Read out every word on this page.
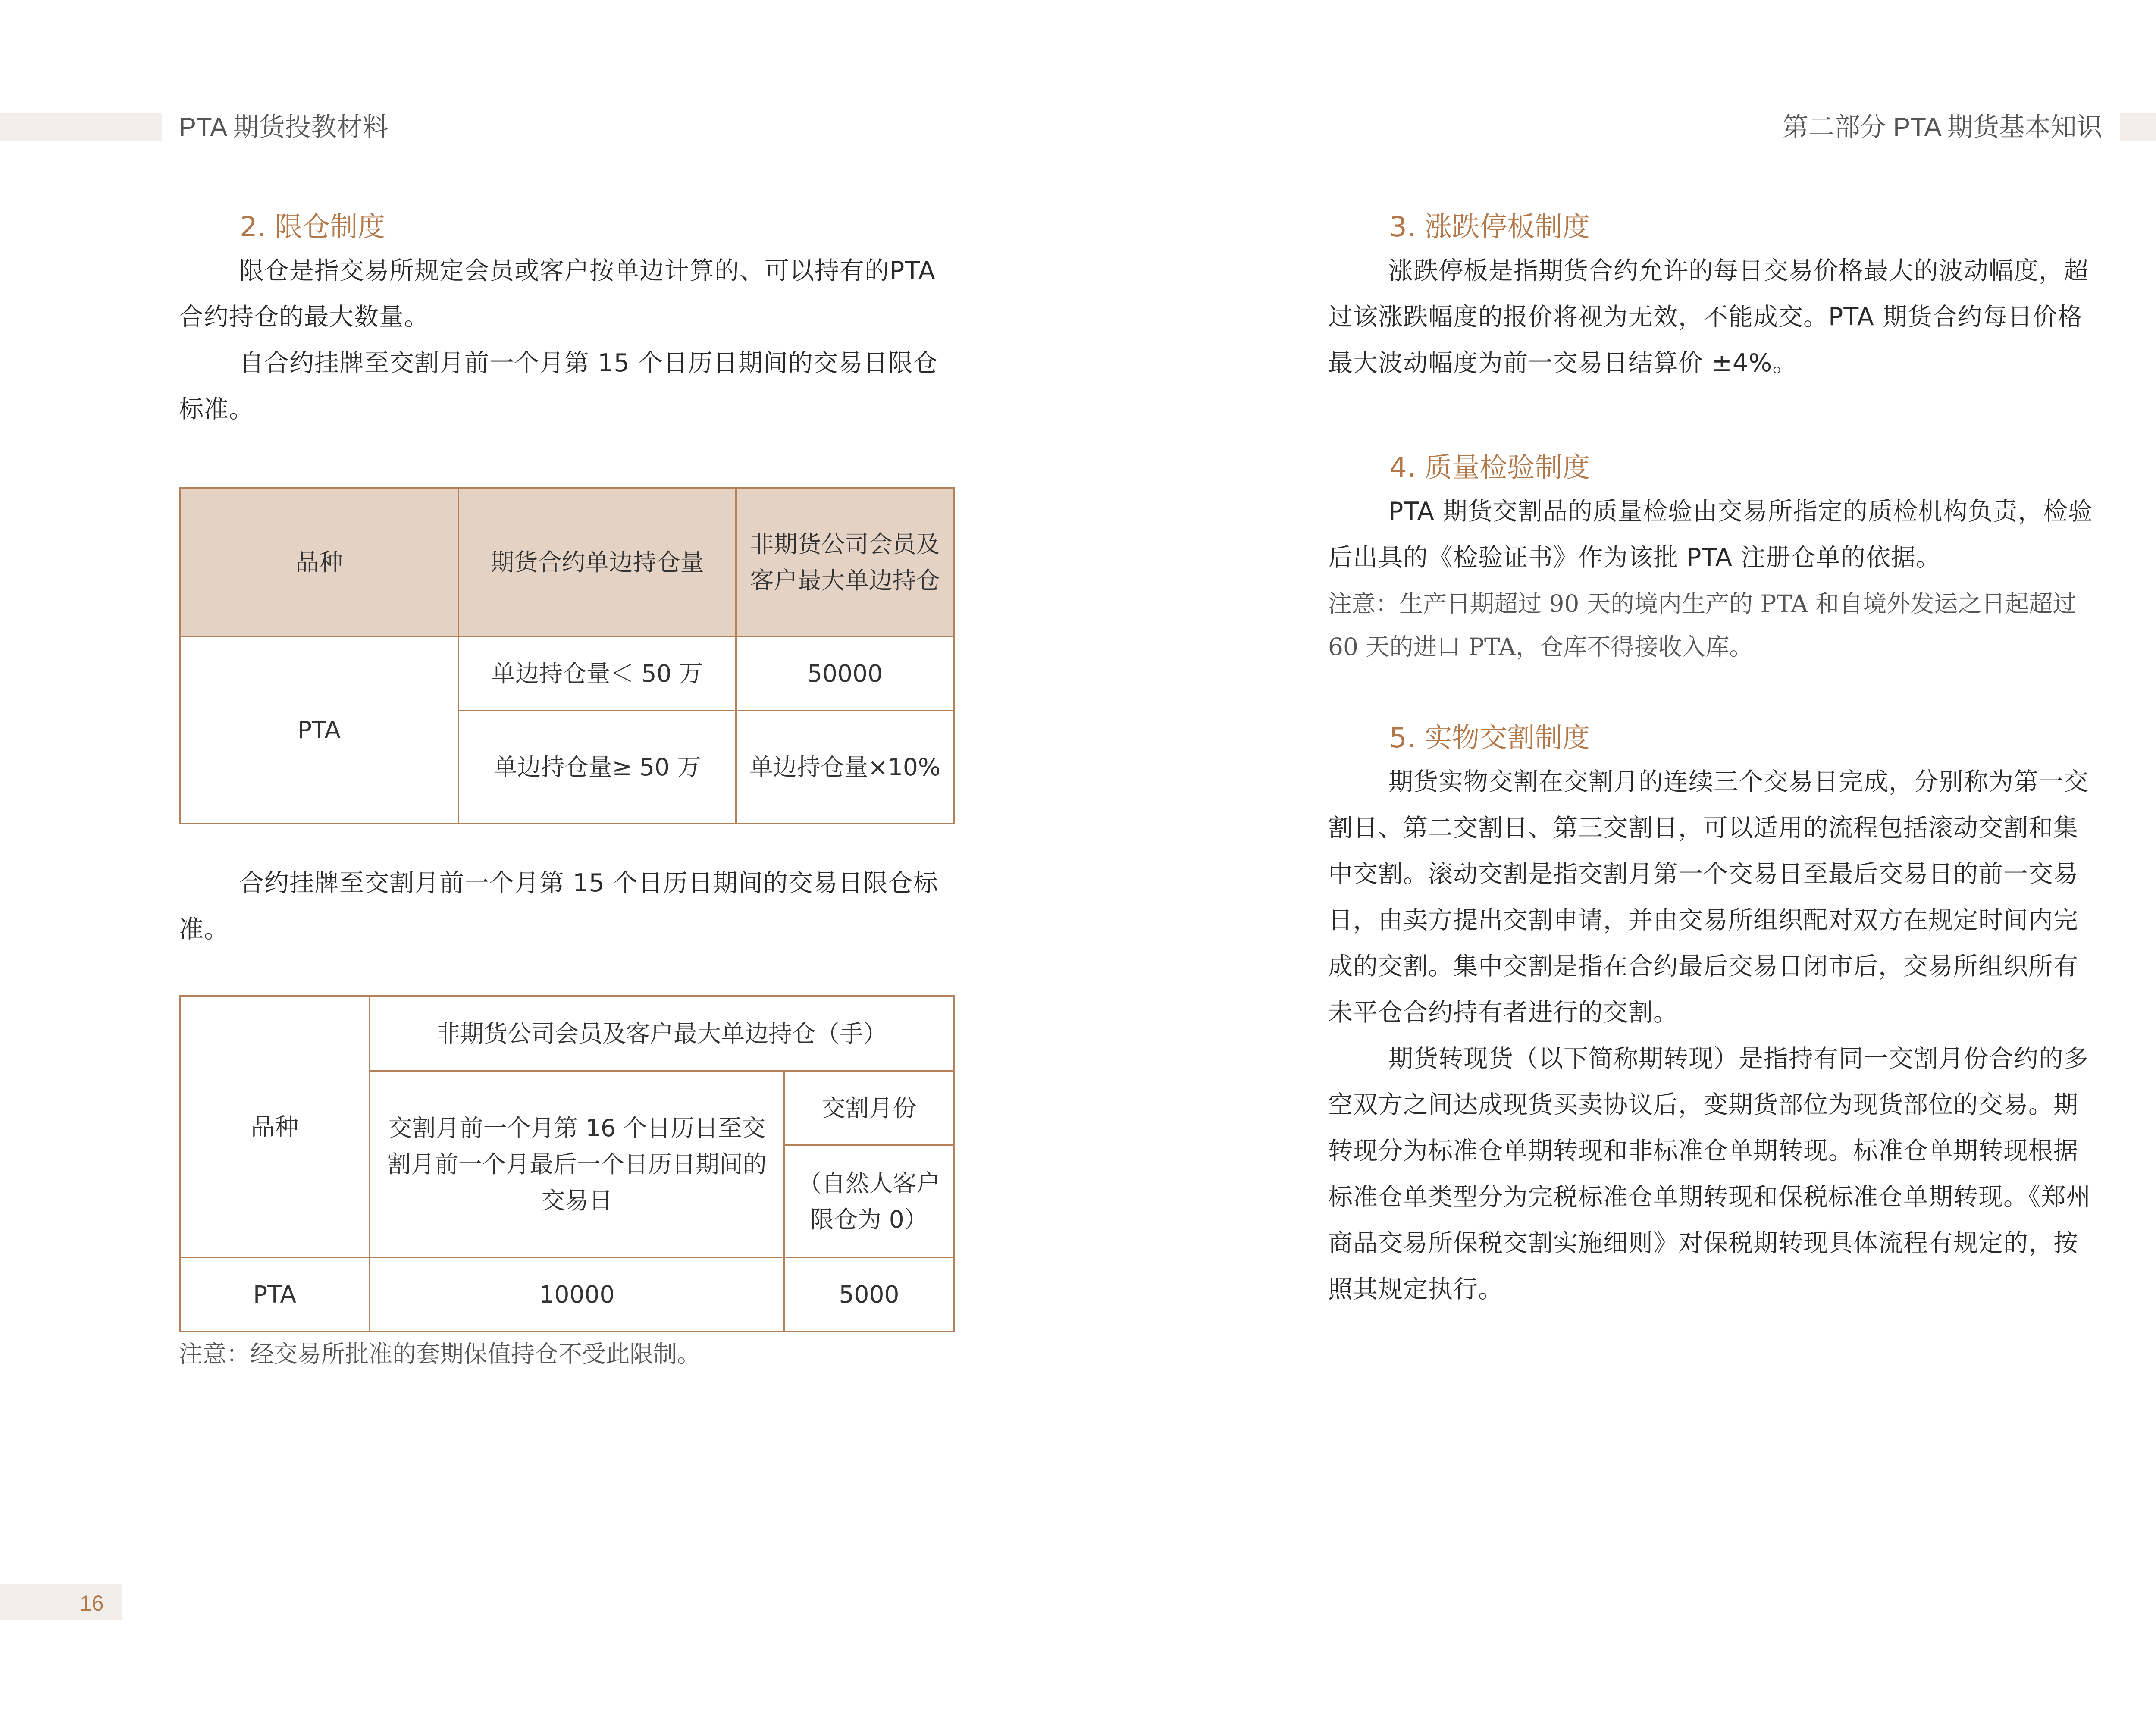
PTA 期货投教材料	第二部分 PTA 期货基本知识
16
2. 限仓制度

限仓是指交易所规定会员或客户按单边计算的、可以持有的PTA 合约持仓的最大数量。

自合约挂牌至交割月前一个月第 15 个日历日期间的交易日限仓标准。

品种	期货合约单边持仓量	非期货公司会员及客户最大单边持仓
PTA	单边持仓量＜ 50 万	50000
	单边持仓量≥ 50 万	单边持仓量×10%

合约挂牌至交割月前一个月第 15 个日历日期间的交易日限仓标准。

品种	非期货公司会员及客户最大单边持仓（手）	
	交割月前一个月第 16 个日历日至交割月前一个月最后一个日历日期间的交易日	交割月份
		（自然人客户限仓为 0）
PTA	10000	5000
注意：经交易所批准的套期保值持仓不受此限制。
3. 涨跌停板制度

涨跌停板是指期货合约允许的每日交易价格最大的波动幅度，超过该涨跌幅度的报价将视为无效，不能成交。PTA 期货合约每日价格最大波动幅度为前一交易日结算价 ±4%。

4. 质量检验制度

PTA 期货交割品的质量检验由交易所指定的质检机构负责，检验后出具的《检验证书》作为该批 PTA 注册仓单的依据。

注意：生产日期超过 90 天的境内生产的 PTA 和自境外发运之日起超过 60 天的进口 PTA，仓库不得接收入库。
5. 实物交割制度

期货实物交割在交割月的连续三个交易日完成，分别称为第一交割日、第二交割日、第三交割日，可以适用的流程包括滚动交割和集中交割。滚动交割是指交割月第一个交易日至最后交易日的前一交易日，由卖方提出交割申请，并由交易所组织配对双方在规定时间内完成的交割。集中交割是指在合约最后交易日闭市后，交易所组织所有未平仓合约持有者进行的交割。

期货转现货（以下简称期转现）是指持有同一交割月份合约的多空双方之间达成现货买卖协议后，变期货部位为现货部位的交易。期转现分为标准仓单期转现和非标准仓单期转现。标准仓单期转现根据标准仓单类型分为完税标准仓单期转现和保税标准仓单期转现。《郑州商品交易所保税交割实施细则》对保税期转现具体流程有规定的，按照其规定执行。
